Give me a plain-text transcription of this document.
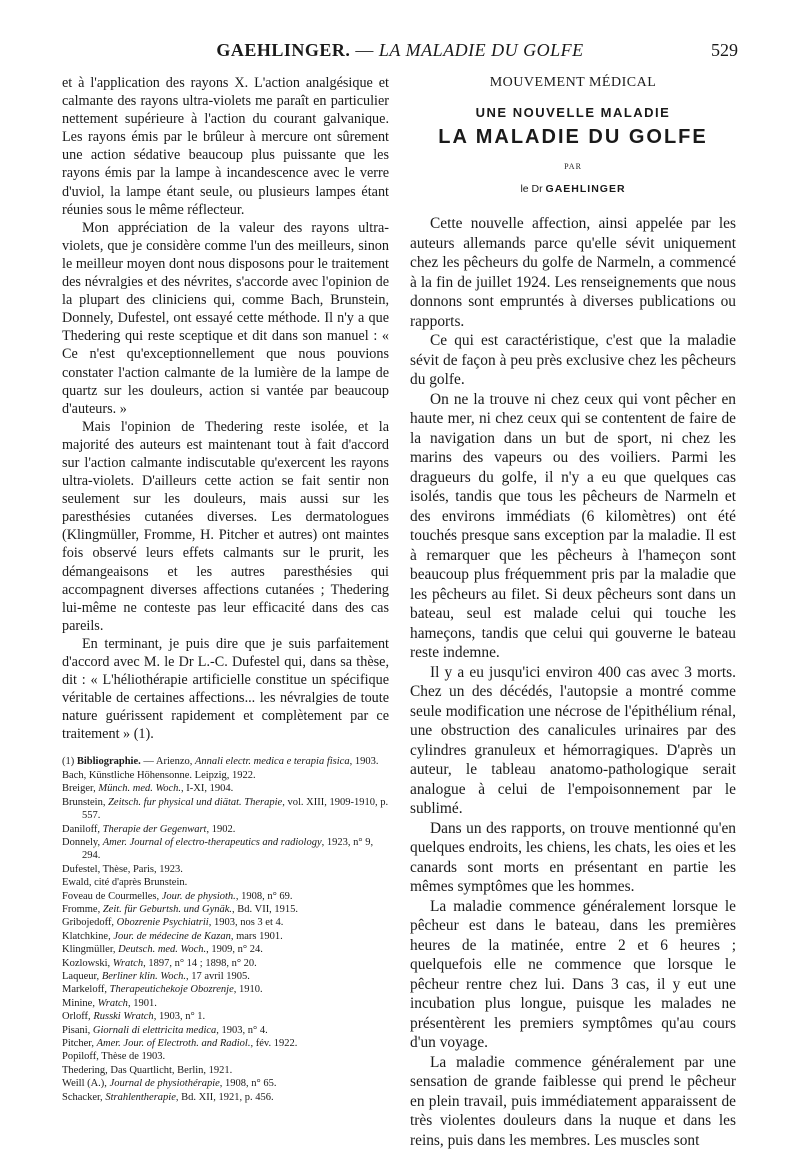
GAEHLINGER. — LA MALADIE DU GOLFE	529

et à l'application des rayons X. L'action analgésique et calmante des rayons ultra-violets me paraît en particulier nettement supérieure à l'action du courant galvanique. Les rayons émis par le brûleur à mercure ont sûrement une action sédative beaucoup plus puissante que les rayons émis par la lampe à incandescence avec le verre d'uviol, la lampe étant seule, ou plusieurs lampes étant réunies sous le même réflecteur.

Mon appréciation de la valeur des rayons ultra-violets, que je considère comme l'un des meilleurs, sinon le meilleur moyen dont nous disposons pour le traitement des névralgies et des névrites, s'accorde avec l'opinion de la plupart des cliniciens qui, comme Bach, Brunstein, Donnely, Dufestel, ont essayé cette méthode. Il n'y a que Thedering qui reste sceptique et dit dans son manuel : « Ce n'est qu'exceptionnellement que nous pouvions constater l'action calmante de la lumière de la lampe de quartz sur les douleurs, action si vantée par beaucoup d'auteurs. »

Mais l'opinion de Thedering reste isolée, et la majorité des auteurs est maintenant tout à fait d'accord sur l'action calmante indiscutable qu'exercent les rayons ultra-violets. D'ailleurs cette action se fait sentir non seulement sur les douleurs, mais aussi sur les paresthésies cutanées diverses. Les dermatologues (Klingmüller, Fromme, H. Pitcher et autres) ont maintes fois observé leurs effets calmants sur le prurit, les démangeaisons et les autres paresthésies qui accompagnent diverses affections cutanées ; Thedering lui-même ne conteste pas leur efficacité dans des cas pareils.

En terminant, je puis dire que je suis parfaitement d'accord avec M. le Dr L.-C. Dufestel qui, dans sa thèse, dit : « L'héliothérapie artificielle constitue un spécifique véritable de certaines affections... les névralgies de toute nature guérissent rapidement et complètement par ce traitement » (1).

(1) Bibliographie. — Arienzo, Annali electr. medica e terapia fisica, 1903.

Bach, Künstliche Höhensonne. Leipzig, 1922.

Breiger, Münch. med. Woch., I-XI, 1904.

Brunstein, Zeitsch. fur physical und diätat. Therapie, vol. XIII, 1909-1910, p. 557.

Daniloff, Therapie der Gegenwart, 1902.

Donnely, Amer. Journal of electro-therapeutics and radiology, 1923, n° 9, 294.

Dufestel, Thèse, Paris, 1923.

Ewald, cité d'après Brunstein.

Foveau de Courmelles, Jour. de physioth., 1908, n° 69.

Fromme, Zeit. für Geburtsh. und Gynäk., Bd. VII, 1915.

Gribojedoff, Obozrenie Psychiatrii, 1903, nos 3 et 4.

Klatchkine, Jour. de médecine de Kazan, mars 1901.

Klingmüller, Deutsch. med. Woch., 1909, n° 24.

Kozlowski, Wratch, 1897, n° 14 ; 1898, n° 20.

Laqueur, Berliner klin. Woch., 17 avril 1905.

Markeloff, Therapeutichekoje Obozrenje, 1910.

Minine, Wratch, 1901.

Orloff, Russki Wratch, 1903, n° 1.

Pisani, Giornali di elettricita medica, 1903, n° 4.

Pitcher, Amer. Jour. of Electroth. and Radiol., fév. 1922.

Popiloff, Thèse de 1903.

Thedering, Das Quartlicht, Berlin, 1921.

Weill (A.), Journal de physiothérapie, 1908, n° 65.

Schacker, Strahlentherapie, Bd. XII, 1921, p. 456.

MOUVEMENT MÉDICAL
UNE NOUVELLE MALADIE
LA MALADIE DU GOLFE
PAR
le Dr GAEHLINGER

Cette nouvelle affection, ainsi appelée par les auteurs allemands parce qu'elle sévit uniquement chez les pêcheurs du golfe de Narmeln, a commencé à la fin de juillet 1924. Les renseignements que nous donnons sont empruntés à diverses publications ou rapports.

Ce qui est caractéristique, c'est que la maladie sévit de façon à peu près exclusive chez les pêcheurs du golfe.

On ne la trouve ni chez ceux qui vont pêcher en haute mer, ni chez ceux qui se contentent de faire de la navigation dans un but de sport, ni chez les marins des vapeurs ou des voiliers. Parmi les dragueurs du golfe, il n'y a eu que quelques cas isolés, tandis que tous les pêcheurs de Narmeln et des environs immédiats (6 kilomètres) ont été touchés presque sans exception par la maladie. Il est à remarquer que les pêcheurs à l'hameçon sont beaucoup plus fréquemment pris par la maladie que les pêcheurs au filet. Si deux pêcheurs sont dans un bateau, seul est malade celui qui touche les hameçons, tandis que celui qui gouverne le bateau reste indemne.

Il y a eu jusqu'ici environ 400 cas avec 3 morts. Chez un des décédés, l'autopsie a montré comme seule modification une nécrose de l'épithélium rénal, une obstruction des canalicules urinaires par des cylindres granuleux et hémorragiques. D'après un auteur, le tableau anatomo-pathologique serait analogue à celui de l'empoisonnement par le sublimé.

Dans un des rapports, on trouve mentionné qu'en quelques endroits, les chiens, les chats, les oies et les canards sont morts en présentant en partie les mêmes symptômes que les hommes.

La maladie commence généralement lorsque le pêcheur est dans le bateau, dans les premières heures de la matinée, entre 2 et 6 heures ; quelquefois elle ne commence que lorsque le pêcheur rentre chez lui. Dans 3 cas, il y eut une incubation plus longue, puisque les malades ne présentèrent les premiers symptômes qu'au cours d'un voyage.

La maladie commence généralement par une sensation de grande faiblesse qui prend le pêcheur en plein travail, puis immédiatement apparaissent de très violentes douleurs dans la nuque et dans les reins, puis dans les membres. Les muscles sont
